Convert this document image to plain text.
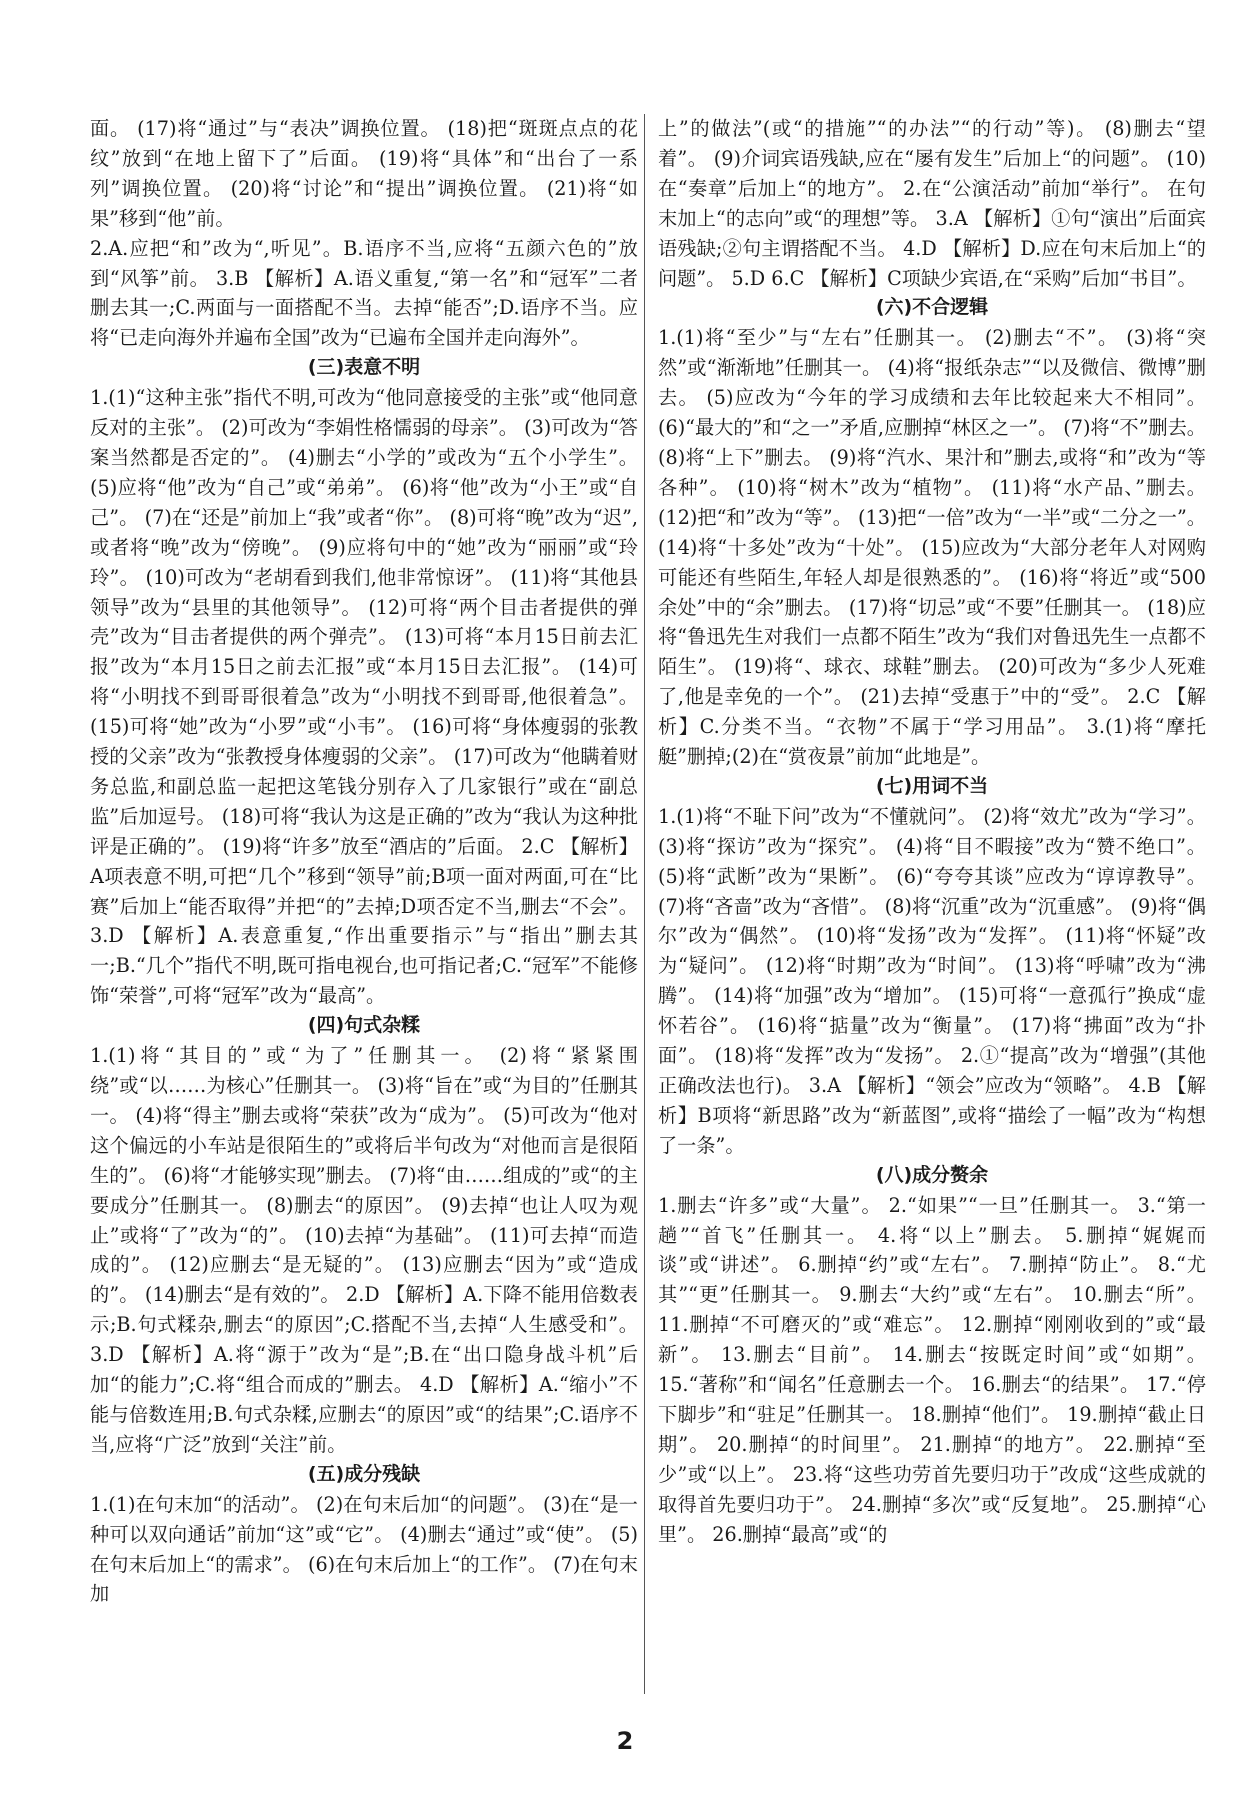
面。 (17)将“通过”与“表决”调换位置。 (18)把“斑斑点点的花纹”放到“在地上留下了”后面。 (19)将“具体”和“出台了一系列”调换位置。 (20)将“讨论”和“提出”调换位置。 (21)将“如果”移到“他”前。

2.A.应把“和”改为“,听见”。B.语序不当,应将“五颜六色的”放到“风筝”前。 3.B 【解析】A.语义重复,“第一名”和“冠军”二者删去其一;C.两面与一面搭配不当。去掉“能否”;D.语序不当。应将“已走向海外并遍布全国”改为“已遍布全国并走向海外”。

(三)表意不明

1.(1)“这种主张”指代不明,可改为“他同意接受的主张”或“他同意反对的主张”。 (2)可改为“李娟性格懦弱的母亲”。 (3)可改为“答案当然都是否定的”。 (4)删去“小学的”或改为“五个小学生”。 (5)应将“他”改为“自己”或“弟弟”。 (6)将“他”改为“小王”或“自己”。 (7)在“还是”前加上“我”或者“你”。 (8)可将“晚”改为“迟”,或者将“晚”改为“傍晚”。 (9)应将句中的“她”改为“丽丽”或“玲玲”。 (10)可改为“老胡看到我们,他非常惊讶”。 (11)将“其他县领导”改为“县里的其他领导”。 (12)可将“两个目击者提供的弹壳”改为“目击者提供的两个弹壳”。 (13)可将“本月15日前去汇报”改为“本月15日之前去汇报”或“本月15日去汇报”。 (14)可将“小明找不到哥哥很着急”改为“小明找不到哥哥,他很着急”。 (15)可将“她”改为“小罗”或“小韦”。 (16)可将“身体瘦弱的张教授的父亲”改为“张教授身体瘦弱的父亲”。 (17)可改为“他瞒着财务总监,和副总监一起把这笔钱分别存入了几家银行”或在“副总监”后加逗号。 (18)可将“我认为这是正确的”改为“我认为这种批评是正确的”。 (19)将“许多”放至“酒店的”后面。 2.C 【解析】A项表意不明,可把“几个”移到“领导”前;B项一面对两面,可在“比赛”后加上“能否取得”并把“的”去掉;D项否定不当,删去“不会”。 3.D 【解析】A.表意重复,“作出重要指示”与“指出”删去其一;B.“几个”指代不明,既可指电视台,也可指记者;C.“冠军”不能修饰“荣誉”,可将“冠军”改为“最高”。

(四)句式杂糅

1.(1)将“其目的”或“为了”任删其一。 (2)将“紧紧围绕”或“以……为核心”任删其一。 (3)将“旨在”或“为目的”任删其一。 (4)将“得主”删去或将“荣获”改为“成为”。 (5)可改为“他对这个偏远的小车站是很陌生的”或将后半句改为“对他而言是很陌生的”。 (6)将“才能够实现”删去。 (7)将“由……组成的”或“的主要成分”任删其一。 (8)删去“的原因”。 (9)去掉“也让人叹为观止”或将“了”改为“的”。 (10)去掉“为基础”。 (11)可去掉“而造成的”。 (12)应删去“是无疑的”。 (13)应删去“因为”或“造成的”。 (14)删去“是有效的”。 2.D 【解析】A.下降不能用倍数表示;B.句式糅杂,删去“的原因”;C.搭配不当,去掉“人生感受和”。 3.D 【解析】A.将“源于”改为“是”;B.在“出口隐身战斗机”后加“的能力”;C.将“组合而成的”删去。 4.D 【解析】A.“缩小”不能与倍数连用;B.句式杂糅,应删去“的原因”或“的结果”;C.语序不当,应将“广泛”放到“关注”前。

(五)成分残缺

1.(1)在句末加“的活动”。 (2)在句末后加“的问题”。 (3)在“是一种可以双向通话”前加“这”或“它”。 (4)删去“通过”或“使”。 (5)在句末后加上“的需求”。 (6)在句末后加上“的工作”。 (7)在句末加

上”的做法”(或“的措施”“的办法”“的行动”等)。 (8)删去“望着”。 (9)介词宾语残缺,应在“屡有发生”后加上“的问题”。 (10)在“奏章”后加上“的地方”。 2.在“公演活动”前加“举行”。 在句末加上“的志向”或“的理想”等。 3.A 【解析】①句“演出”后面宾语残缺;②句主谓搭配不当。 4.D 【解析】D.应在句末后加上“的问题”。 5.D 6.C 【解析】C项缺少宾语,在“采购”后加“书目”。

(六)不合逻辑

1.(1)将“至少”与“左右”任删其一。 (2)删去“不”。 (3)将“突然”或“渐渐地”任删其一。 (4)将“报纸杂志”“以及微信、微博”删去。 (5)应改为“今年的学习成绩和去年比较起来大不相同”。 (6)“最大的”和“之一”矛盾,应删掉“林区之一”。 (7)将“不”删去。 (8)将“上下”删去。 (9)将“汽水、果汁和”删去,或将“和”改为“等各种”。 (10)将“树木”改为“植物”。 (11)将“水产品、”删去。 (12)把“和”改为“等”。 (13)把“一倍”改为“一半”或“二分之一”。 (14)将“十多处”改为“十处”。 (15)应改为“大部分老年人对网购可能还有些陌生,年轻人却是很熟悉的”。 (16)将“将近”或“500余处”中的“余”删去。 (17)将“切忌”或“不要”任删其一。 (18)应将“鲁迅先生对我们一点都不陌生”改为“我们对鲁迅先生一点都不陌生”。 (19)将“、球衣、球鞋”删去。 (20)可改为“多少人死难了,他是幸免的一个”。 (21)去掉“受惠于”中的“受”。 2.C 【解析】C.分类不当。“衣物”不属于“学习用品”。 3.(1)将“摩托艇”删掉;(2)在“赏夜景”前加“此地是”。

(七)用词不当

1.(1)将“不耻下问”改为“不懂就问”。 (2)将“效尤”改为“学习”。 (3)将“探访”改为“探究”。 (4)将“目不暇接”改为“赞不绝口”。 (5)将“武断”改为“果断”。 (6)“夸夸其谈”应改为“谆谆教导”。 (7)将“吝啬”改为“吝惜”。 (8)将“沉重”改为“沉重感”。 (9)将“偶尔”改为“偶然”。 (10)将“发扬”改为“发挥”。 (11)将“怀疑”改为“疑问”。 (12)将“时期”改为“时间”。 (13)将“呼啸”改为“沸腾”。 (14)将“加强”改为“增加”。 (15)可将“一意孤行”换成“虚怀若谷”。 (16)将“掂量”改为“衡量”。 (17)将“拂面”改为“扑面”。 (18)将“发挥”改为“发扬”。 2.①“提高”改为“增强”(其他正确改法也行)。 3.A 【解析】“领会”应改为“领略”。 4.B 【解析】B项将“新思路”改为“新蓝图”,或将“描绘了一幅”改为“构想了一条”。

(八)成分赘余

1.删去“许多”或“大量”。 2.“如果”“一旦”任删其一。 3.“第一趟”“首飞”任删其一。 4.将“以上”删去。 5.删掉“娓娓而谈”或“讲述”。 6.删掉“约”或“左右”。 7.删掉“防止”。 8.“尤其”“更”任删其一。 9.删去“大约”或“左右”。 10.删去“所”。 11.删掉“不可磨灭的”或“难忘”。 12.删掉“刚刚收到的”或“最新”。 13.删去“目前”。 14.删去“按既定时间”或“如期”。 15.“著称”和“闻名”任意删去一个。 16.删去“的结果”。 17.“停下脚步”和“驻足”任删其一。 18.删掉“他们”。 19.删掉“截止日期”。 20.删掉“的时间里”。 21.删掉“的地方”。 22.删掉“至少”或“以上”。 23.将“这些功劳首先要归功于”改成“这些成就的取得首先要归功于”。 24.删掉“多次”或“反复地”。 25.删掉“心里”。 26.删掉“最高”或“的

2
